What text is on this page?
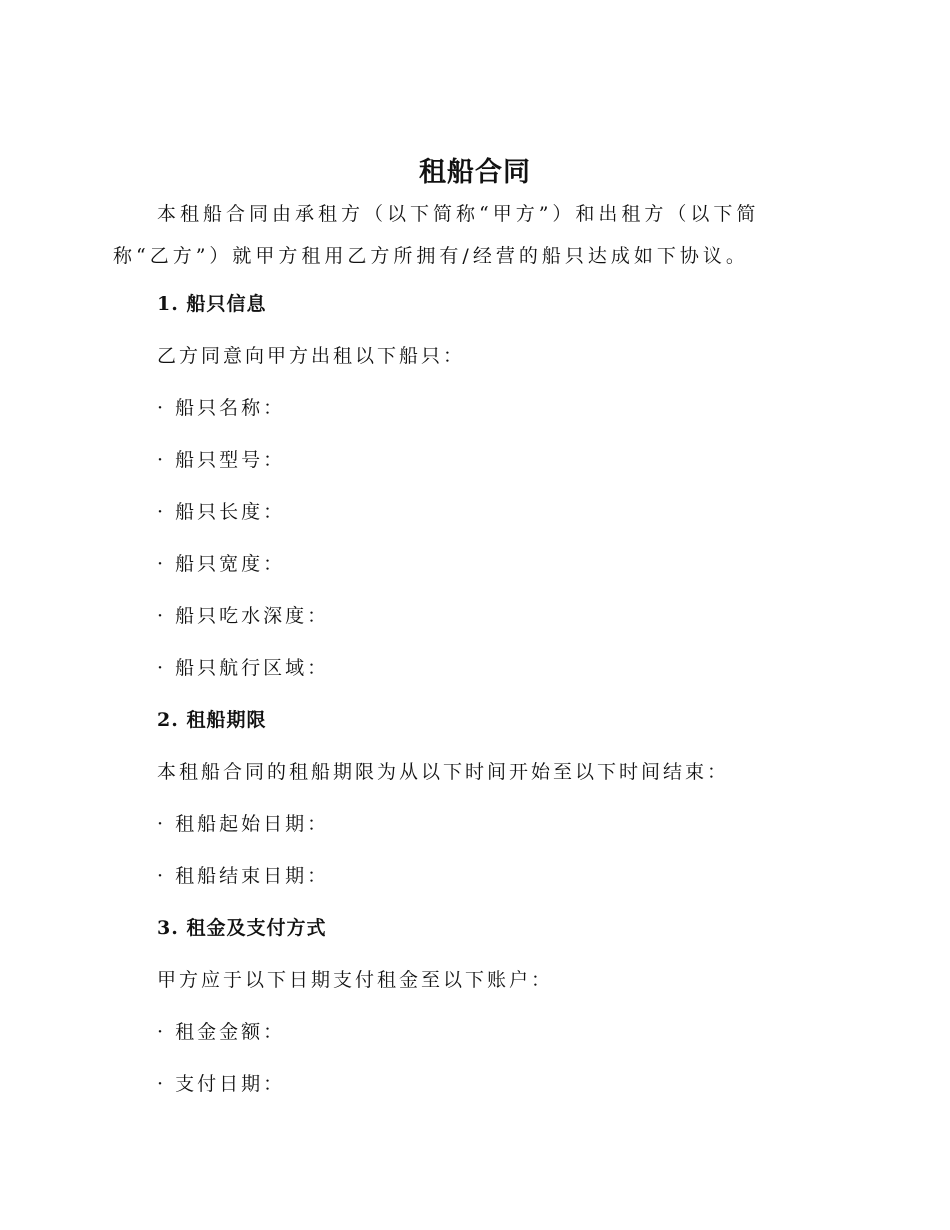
租船合同

本租船合同由承租方（以下简称“甲方”）和出租方（以下简称“乙方”）就甲方租用乙方所拥有/经营的船只达成如下协议。

1. 船只信息
乙方同意向甲方出租以下船只：
· 船只名称：
· 船只型号：
· 船只长度：
· 船只宽度：
· 船只吃水深度：
· 船只航行区域：
2. 租船期限
本租船合同的租船期限为从以下时间开始至以下时间结束：
· 租船起始日期：
· 租船结束日期：
3. 租金及支付方式
甲方应于以下日期支付租金至以下账户：
· 租金金额：
· 支付日期：
